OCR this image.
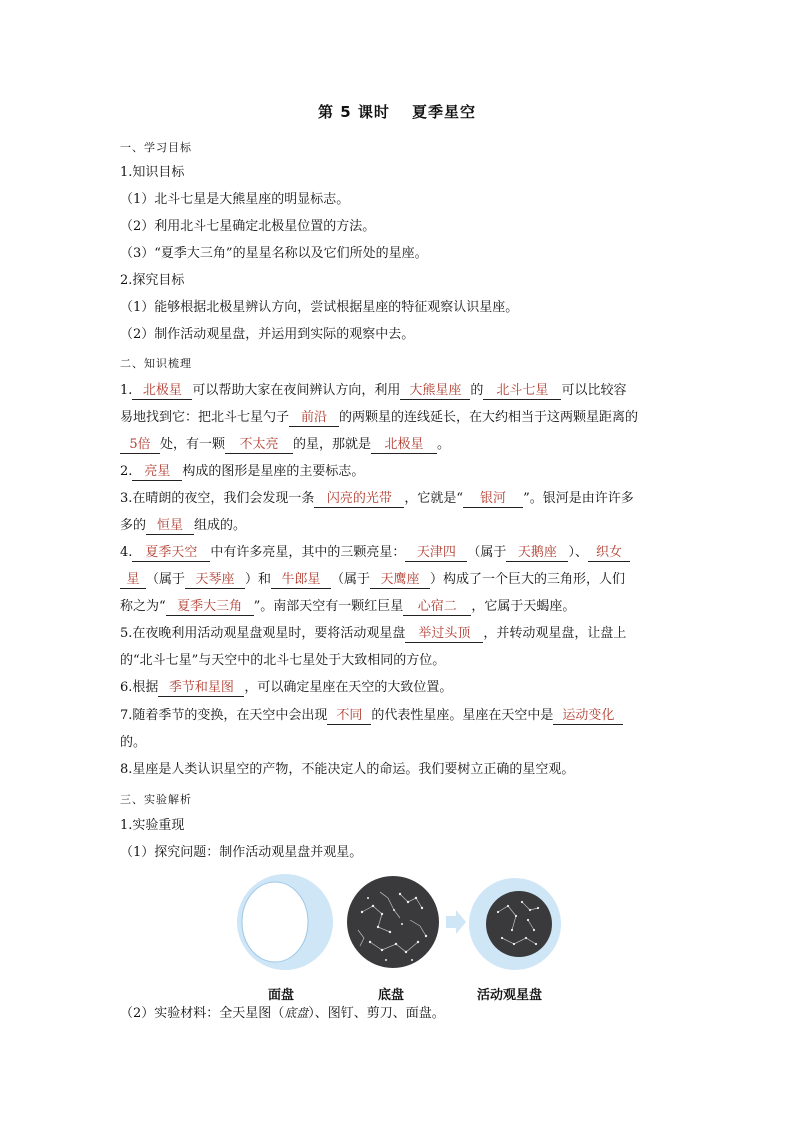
第 5 课时 夏季星空
一、学习目标
1.知识目标
（1）北斗七星是大熊星座的明显标志。
（2）利用北斗七星确定北极星位置的方法。
（3）“夏季大三角”的星星名称以及它们所处的星座。
2.探究目标
（1）能够根据北极星辨认方向，尝试根据星座的特征观察认识星座。
（2）制作活动观星盘，并运用到实际的观察中去。
二、知识梳理
1. 北极星 可以帮助大家在夜间辨认方向，利用 大熊星座 的 北斗七星 可以比较容
易地找到它：把北斗七星勺子 前沿 的两颗星的连线延长，在大约相当于这两颗星距离的
5倍 处，有一颗 不太亮 的星，那就是 北极星 。
2. 亮星 构成的图形是星座的主要标志。
3.在晴朗的夜空，我们会发现一条 闪亮的光带 ，它就是“ 银河 ”。银河是由许许多
多的 恒星 组成的。
4. 夏季天空 中有许多亮星，其中的三颗亮星： 天津四 （属于 天鹅座 ）、 织女
星 （属于 天琴座 ）和 牛郎星 （属于 天鹰座 ）构成了一个巨大的三角形，人们
称之为“ 夏季大三角 ”。南部天空有一颗红巨星 心宿二 ，它属于天蝎座。
5.在夜晚利用活动观星盘观星时，要将活动观星盘 举过头顶 ，并转动观星盘，让盘上
的“北斗七星”与天空中的北斗七星处于大致相同的方位。
6.根据 季节和星图 ，可以确定星座在天空的大致位置。
7.随着季节的变换，在天空中会出现 不同 的代表性星座。星座在天空中是 运动变化
的。
8.星座是人类认识星空的产物，不能决定人的命运。我们要树立正确的星空观。
三、实验解析
1.实验重现
（1）探究问题：制作活动观星盘并观星。
面盘	底盘	活动观星盘
（2）实验材料：全天星图（底盘）、图钉、剪刀、面盘。
